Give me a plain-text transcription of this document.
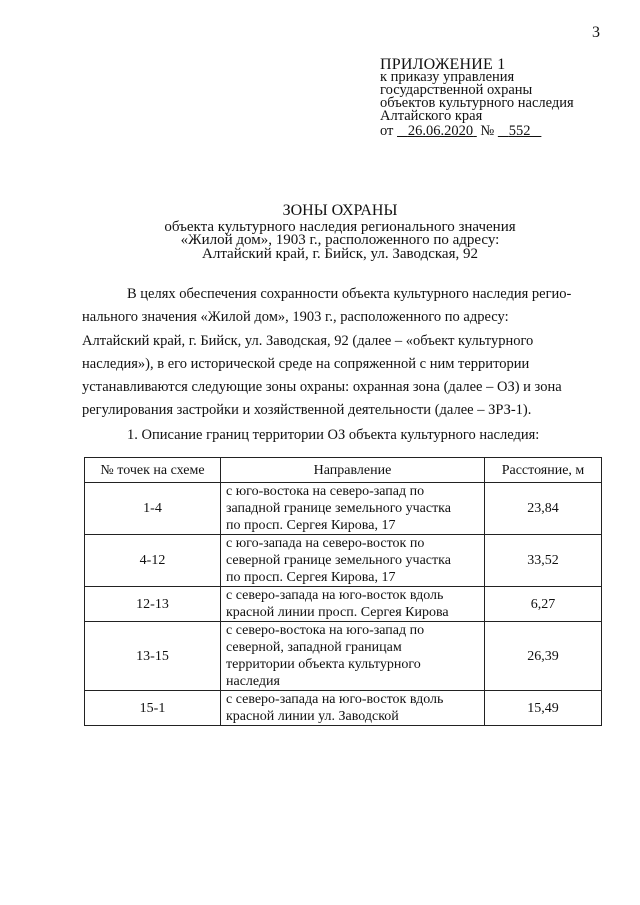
3
ПРИЛОЖЕНИЕ 1
к приказу управления
государственной охраны
объектов культурного наследия
Алтайского края
от 26.06.2020 № 552
ЗОНЫ ОХРАНЫ
объекта культурного наследия регионального значения
«Жилой дом», 1903 г., расположенного по адресу:
Алтайский край, г. Бийск, ул. Заводская, 92
В целях обеспечения сохранности объекта культурного наследия регио-
нального значения «Жилой дом», 1903 г., расположенного по адресу:
Алтайский край, г. Бийск, ул. Заводская, 92 (далее – «объект культурного
наследия»), в его исторической среде на сопряженной с ним территории
устанавливаются следующие зоны охраны: охранная зона (далее – ОЗ) и зона
регулирования застройки и хозяйственной деятельности (далее – ЗРЗ-1).
1. Описание границ территории ОЗ объекта культурного наследия:
№ точек на схеме	Направление	Расстояние, м
1-4	с юго-востока на северо-запад по
западной границе земельного участка
по просп. Сергея Кирова, 17	23,84
4-12	с юго-запада на северо-восток по
северной границе земельного участка
по просп. Сергея Кирова, 17	33,52
12-13	с северо-запада на юго-восток вдоль
красной линии просп. Сергея Кирова	6,27
13-15	с северо-востока на юго-запад по
северной, западной границам
территории объекта культурного
наследия	26,39
15-1	с северо-запада на юго-восток вдоль
красной линии ул. Заводской	15,49
